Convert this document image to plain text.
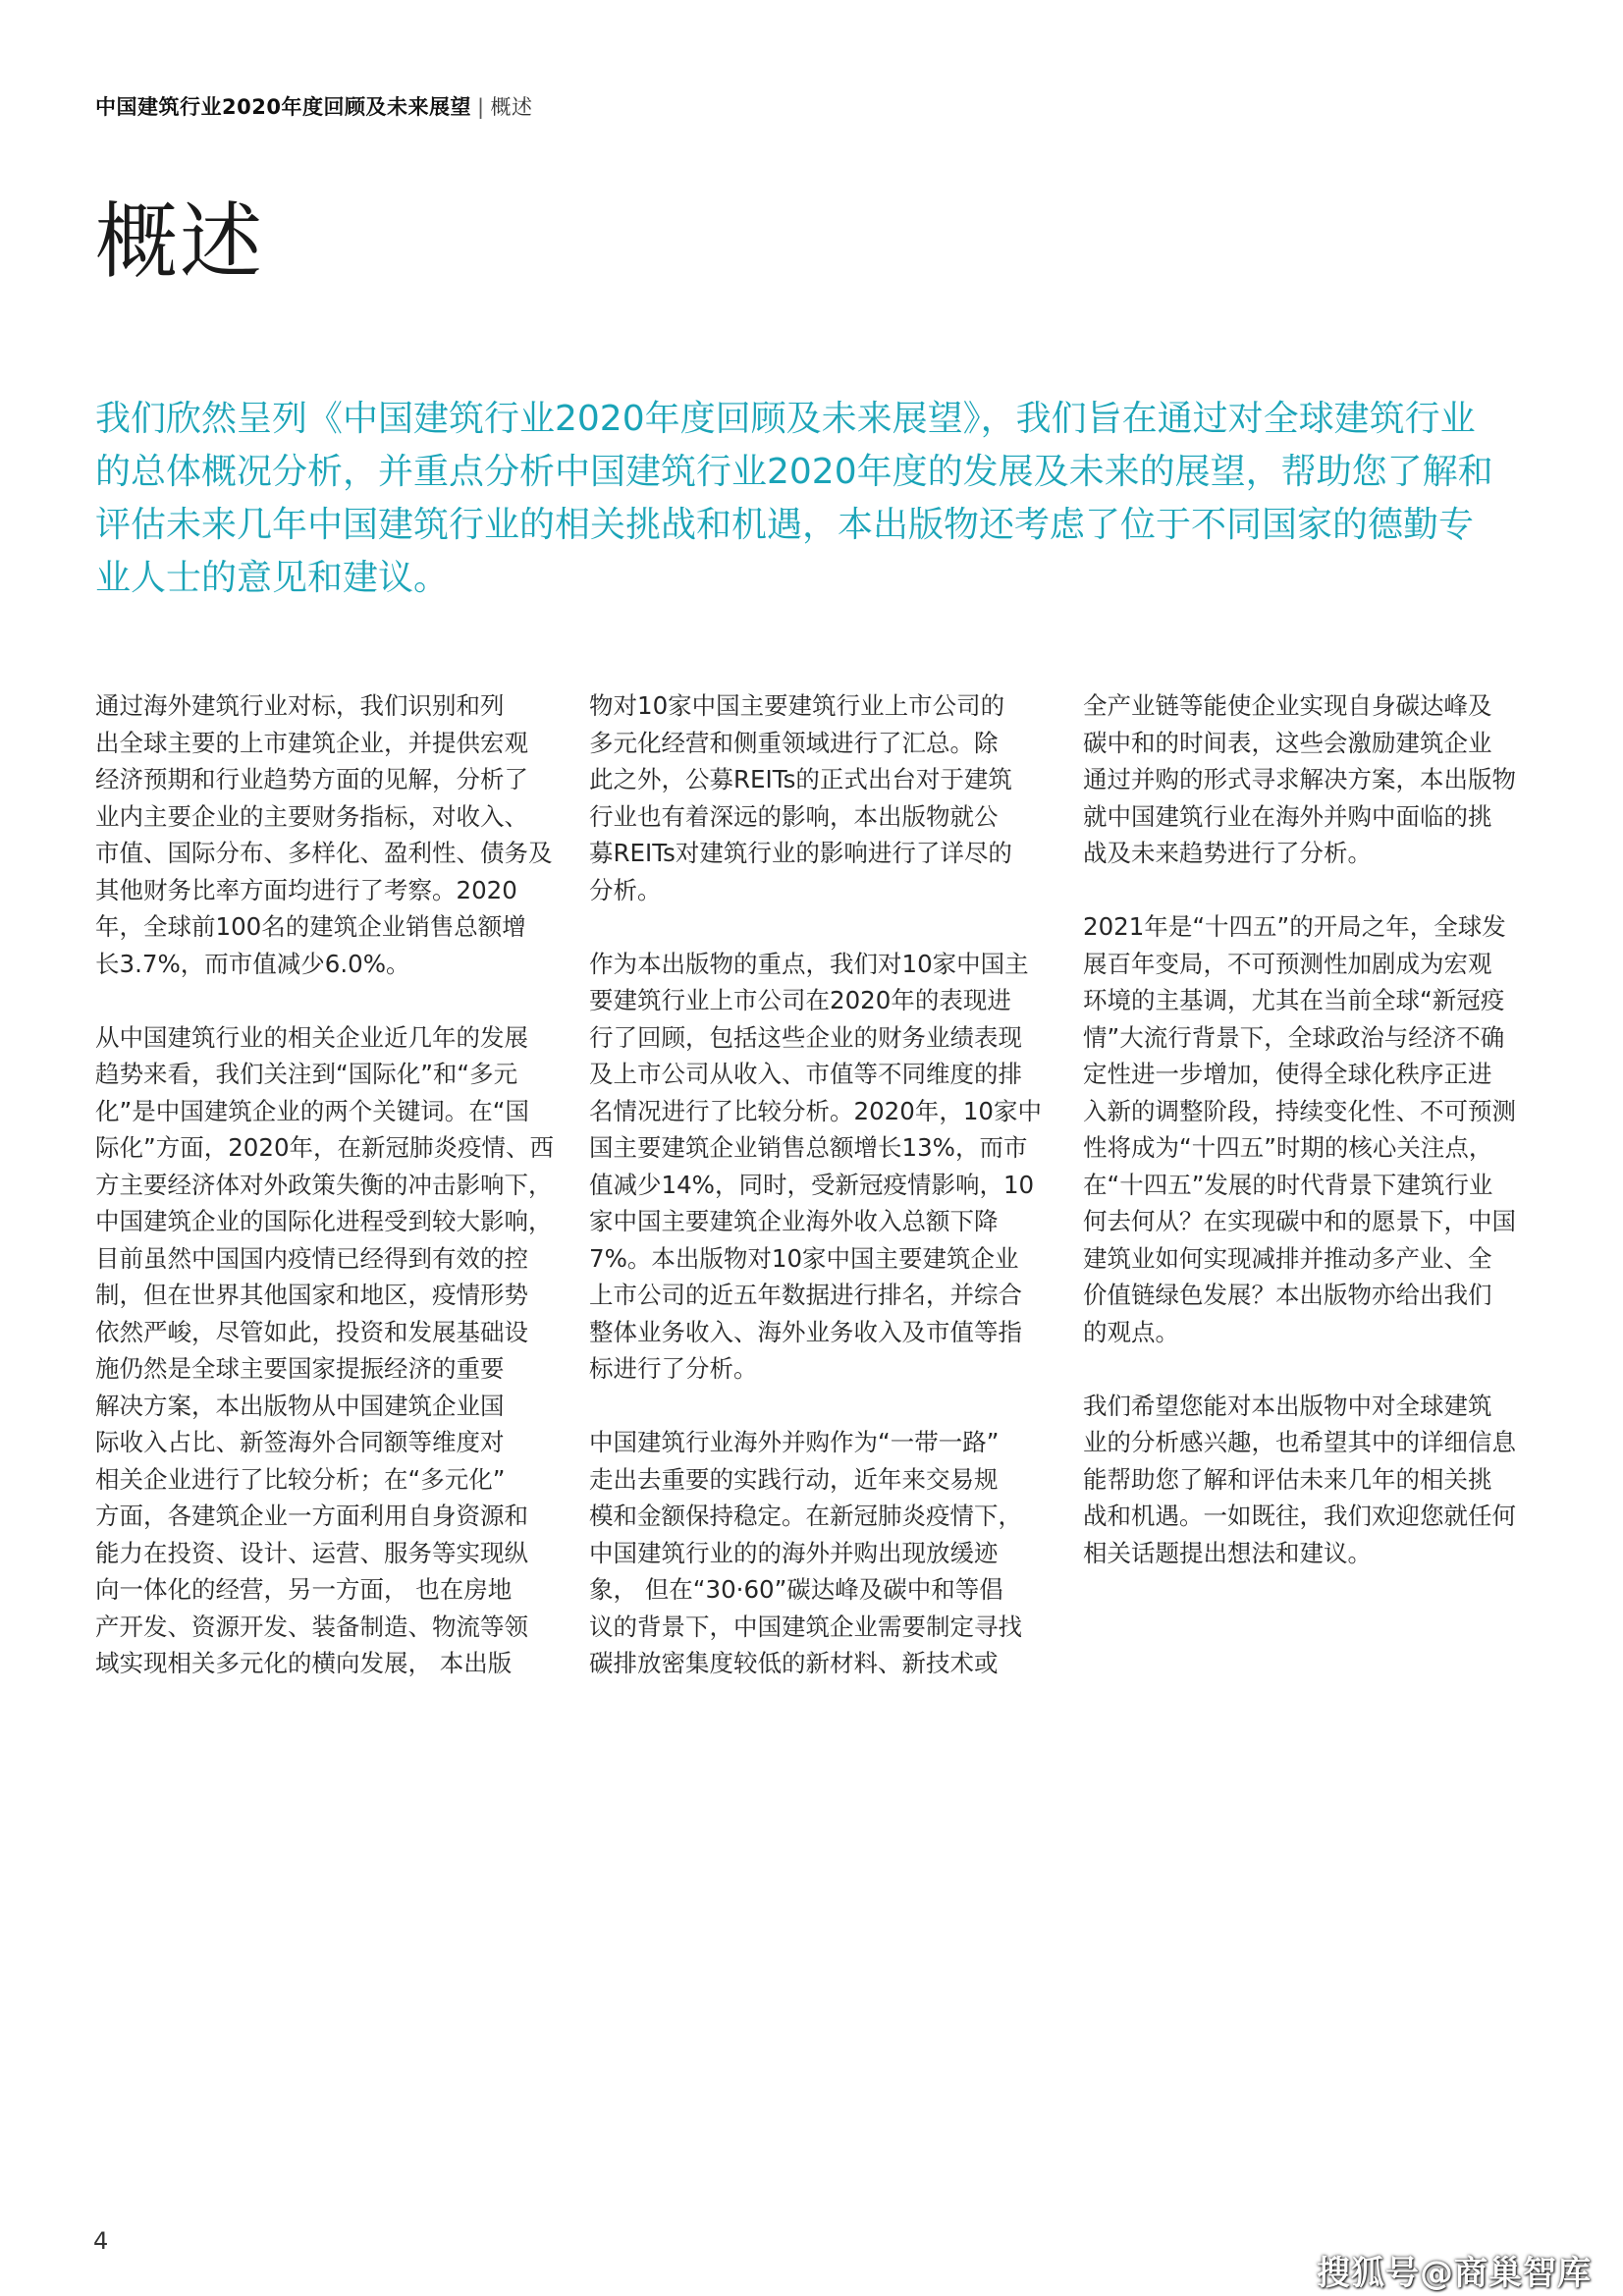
中国建筑行业2020年度回顾及未来展望 | 概述
概述
我们欣然呈列《中国建筑行业2020年度回顾及未来展望》，我们旨在通过对全球建筑行业
的总体概况分析，并重点分析中国建筑行业2020年度的发展及未来的展望，帮助您了解和
评估未来几年中国建筑行业的相关挑战和机遇，本出版物还考虑了位于不同国家的德勤专
业人士的意见和建议。

通过海外建筑行业对标，我们识别和列
出全球主要的上市建筑企业，并提供宏观
经济预期和行业趋势方面的见解，分析了
业内主要企业的主要财务指标，对收入、
市值、国际分布、多样化、盈利性、债务及
其他财务比率方面均进行了考察。2020
年，全球前100名的建筑企业销售总额增
长3.7%，而市值减少6.0%。

从中国建筑行业的相关企业近几年的发展
趋势来看，我们关注到“国际化”和“多元
化”是中国建筑企业的两个关键词。在“国
际化”方面，2020年，在新冠肺炎疫情、西
方主要经济体对外政策失衡的冲击影响下，
中国建筑企业的国际化进程受到较大影响，
目前虽然中国国内疫情已经得到有效的控
制，但在世界其他国家和地区，疫情形势
依然严峻，尽管如此，投资和发展基础设
施仍然是全球主要国家提振经济的重要
解决方案，本出版物从中国建筑企业国
际收入占比、新签海外合同额等维度对
相关企业进行了比较分析；在“多元化”
方面，各建筑企业一方面利用自身资源和
能力在投资、设计、运营、服务等实现纵
向一体化的经营，另一方面， 也在房地
产开发、资源开发、装备制造、物流等领
域实现相关多元化的横向发展， 本出版

物对10家中国主要建筑行业上市公司的
多元化经营和侧重领域进行了汇总。除
此之外，公募REITs的正式出台对于建筑
行业也有着深远的影响，本出版物就公
募REITs对建筑行业的影响进行了详尽的
分析。

作为本出版物的重点，我们对10家中国主
要建筑行业上市公司在2020年的表现进
行了回顾，包括这些企业的财务业绩表现
及上市公司从收入、市值等不同维度的排
名情况进行了比较分析。2020年，10家中
国主要建筑企业销售总额增长13%，而市
值减少14%，同时，受新冠疫情影响，10
家中国主要建筑企业海外收入总额下降
7%。本出版物对10家中国主要建筑企业
上市公司的近五年数据进行排名，并综合
整体业务收入、海外业务收入及市值等指
标进行了分析。

中国建筑行业海外并购作为“一带一路”
走出去重要的实践行动，近年来交易规
模和金额保持稳定。在新冠肺炎疫情下，
中国建筑行业的的海外并购出现放缓迹
象， 但在“30·60”碳达峰及碳中和等倡
议的背景下，中国建筑企业需要制定寻找
碳排放密集度较低的新材料、新技术或

全产业链等能使企业实现自身碳达峰及
碳中和的时间表，这些会激励建筑企业
通过并购的形式寻求解决方案，本出版物
就中国建筑行业在海外并购中面临的挑
战及未来趋势进行了分析。

2021年是“十四五”的开局之年，全球发
展百年变局，不可预测性加剧成为宏观
环境的主基调，尤其在当前全球“新冠疫
情”大流行背景下，全球政治与经济不确
定性进一步增加，使得全球化秩序正进
入新的调整阶段，持续变化性、不可预测
性将成为“十四五”时期的核心关注点，
在“十四五”发展的时代背景下建筑行业
何去何从？在实现碳中和的愿景下，中国
建筑业如何实现减排并推动多产业、全
价值链绿色发展？本出版物亦给出我们
的观点。

我们希望您能对本出版物中对全球建筑
业的分析感兴趣，也希望其中的详细信息
能帮助您了解和评估未来几年的相关挑
战和机遇。一如既往，我们欢迎您就任何
相关话题提出想法和建议。

4
搜狐号@商巢智库
